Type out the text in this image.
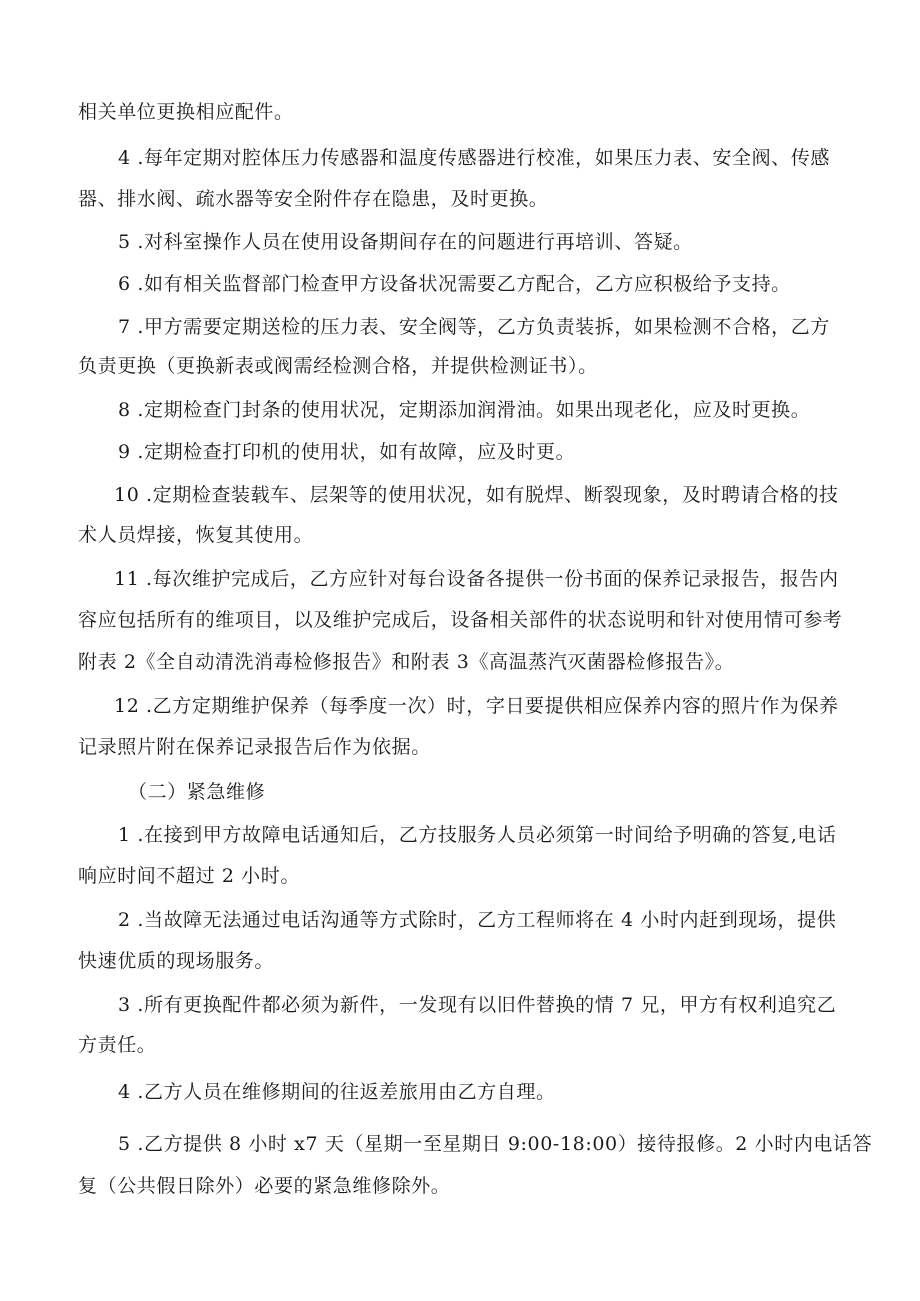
相关单位更换相应配件。
4 .每年定期对腔体压力传感器和温度传感器进行校准，如果压力表、安全阀、传感
器、排水阀、疏水器等安全附件存在隐患，及时更换。
5 .对科室操作人员在使用设备期间存在的问题进行再培训、答疑。
6 .如有相关监督部门检查甲方设备状况需要乙方配合，乙方应积极给予支持。
7 .甲方需要定期送检的压力表、安全阀等，乙方负责装拆，如果检测不合格，乙方
负责更换（更换新表或阀需经检测合格，并提供检测证书）。
8 .定期检查门封条的使用状况，定期添加润滑油。如果出现老化，应及时更换。
9 .定期检查打印机的使用状，如有故障，应及时更。
10 .定期检查装载车、层架等的使用状况，如有脱焊、断裂现象，及时聘请合格的技
术人员焊接，恢复其使用。
11 .每次维护完成后，乙方应针对每台设备各提供一份书面的保养记录报告，报告内
容应包括所有的维项目，以及维护完成后，设备相关部件的状态说明和针对使用情可参考
附表 2《全自动清洗消毒检修报告》和附表 3《高温蒸汽灭菌器检修报告》。
12 .乙方定期维护保养（每季度一次）时，字日要提供相应保养内容的照片作为保养
记录照片附在保养记录报告后作为依据。
（二）紧急维修
1 .在接到甲方故障电话通知后，乙方技服务人员必须第一时间给予明确的答复,电话
响应时间不超过 2 小时。
2 .当故障无法通过电话沟通等方式除时，乙方工程师将在 4 小时内赶到现场，提供
快速优质的现场服务。
3 .所有更换配件都必须为新件，一发现有以旧件替换的情 7 兄，甲方有权利追究乙
方责任。
4 .乙方人员在维修期间的往返差旅用由乙方自理。
5 .乙方提供 8 小时 x7 天（星期一至星期日 9:00-18:00）接待报修。2 小时内电话答
复（公共假日除外）必要的紧急维修除外。
